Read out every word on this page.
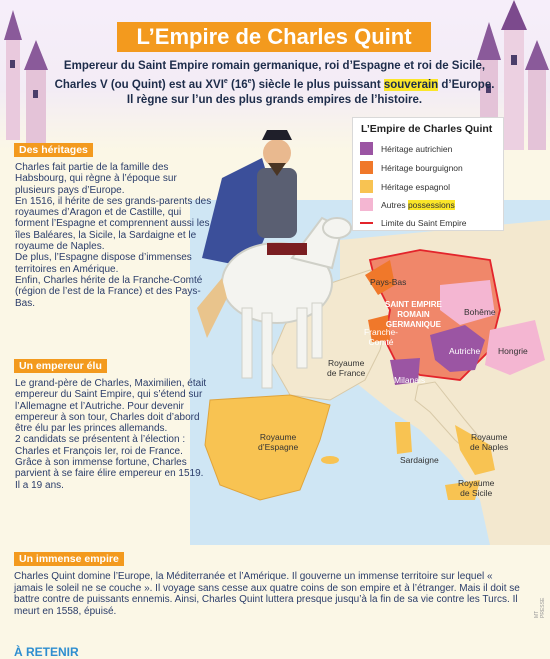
L’Empire de Charles Quint
Empereur du Saint Empire romain germanique, roi d’Espagne et roi de Sicile, Charles V (ou Quint) est au XVIe (16e) siècle le plus puissant souverain d’Europe. Il règne sur l’un des plus grands empires de l’histoire.
Pays-Bas
SAINT EMPIRE
ROMAIN
GERMANIQUE
Bohême
Franche-
Comté
Autriche Hongrie
Royaume
de France
Milanais
Royaume
d’Espagne
Sardaigne
Royaume
de Naples
Royaume
de Sicile
L’Empire de Charles Quint
Héritage autrichien
Héritage bourguignon
Héritage espagnol
Autres possessions
Limite du Saint Empire
Des héritages
Charles fait partie de la famille des Habsbourg, qui règne à l’époque sur plusieurs pays d’Europe.
En 1516, il hérite de ses grands-parents des royaumes d’Aragon et de Castille, qui forment l’Espagne et comprennent aussi les îles Baléares, la Sicile, la Sardaigne et le royaume de Naples.
De plus, l’Espagne dispose d’immenses territoires en Amérique.
Enfin, Charles hérite de la Franche-Comté (région de l’est de la France) et des Pays-Bas.
Un empereur élu
Le grand-père de Charles, Maximilien, était empereur du Saint Empire, qui s’étend sur l’Allemagne et l’Autriche. Pour devenir empereur à son tour, Charles doit d’abord être élu par les princes allemands.
2 candidats se présentent à l’élection : Charles et François Ier, roi de France. Grâce à son immense fortune, Charles parvient à se faire élire empereur en 1519. Il a 19 ans.
Un immense empire
Charles Quint domine l’Europe, la Méditerranée et l’Amérique. Il gouverne un immense territoire sur lequel « jamais le soleil ne se couche ». Il voyage sans cesse aux quatre coins de son empire et à l’étranger. Mais il doit se battre contre de puissants ennemis. Ainsi, Charles Quint luttera presque jusqu’à la fin de sa vie contre les Turcs. Il meurt en 1558, épuisé.
À RETENIR
MT PRESSE
